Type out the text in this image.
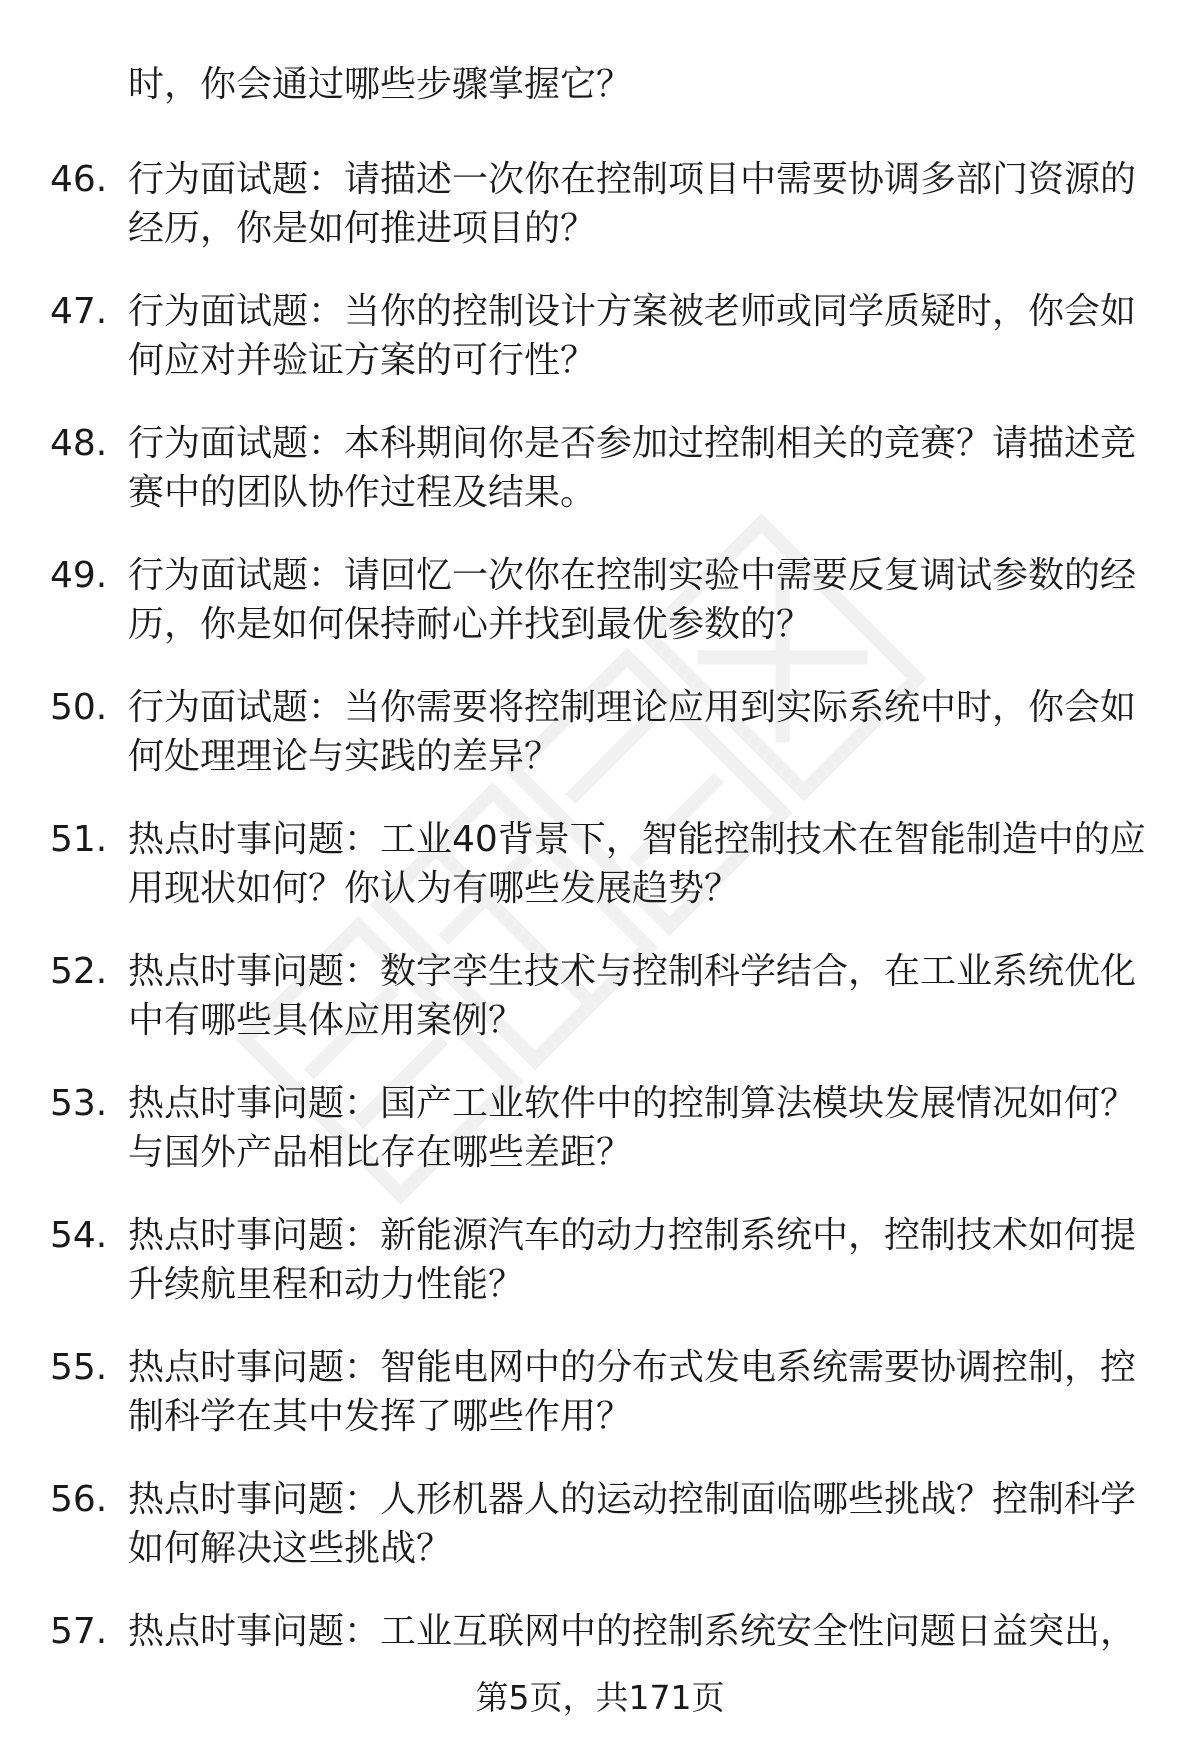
时，你会通过哪些步骤掌握它？
46. 行为面试题：请描述一次你在控制项目中需要协调多部门资源的
经历，你是如何推进项目的？
47. 行为面试题：当你的控制设计方案被老师或同学质疑时，你会如
何应对并验证方案的可行性？
48. 行为面试题：本科期间你是否参加过控制相关的竞赛？请描述竞
赛中的团队协作过程及结果。
49. 行为面试题：请回忆一次你在控制实验中需要反复调试参数的经
历，你是如何保持耐心并找到最优参数的？
50. 行为面试题：当你需要将控制理论应用到实际系统中时，你会如
何处理理论与实践的差异？
51. 热点时事问题：工业40背景下，智能控制技术在智能制造中的应
用现状如何？你认为有哪些发展趋势？
52. 热点时事问题：数字孪生技术与控制科学结合，在工业系统优化
中有哪些具体应用案例？
53. 热点时事问题：国产工业软件中的控制算法模块发展情况如何？
与国外产品相比存在哪些差距？
54. 热点时事问题：新能源汽车的动力控制系统中，控制技术如何提
升续航里程和动力性能？
55. 热点时事问题：智能电网中的分布式发电系统需要协调控制，控
制科学在其中发挥了哪些作用？
56. 热点时事问题：人形机器人的运动控制面临哪些挑战？控制科学
如何解决这些挑战？
57. 热点时事问题：工业互联网中的控制系统安全性问题日益突出，
第5页，共171页
